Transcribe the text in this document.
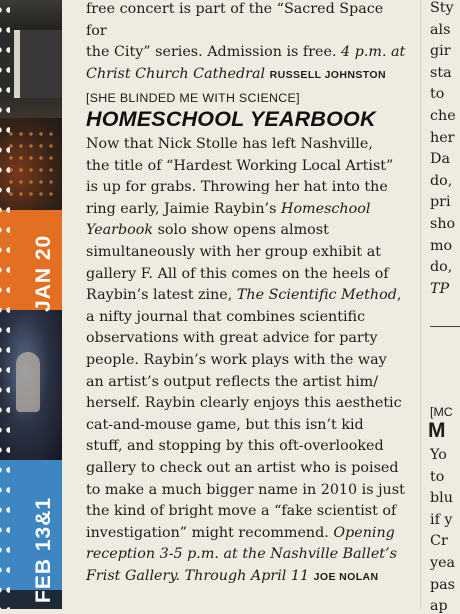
JAN 20
FEB 13&1
free concert is part of the “Sacred Space for
the City” series. Admission is free. 4 p.m. at
Christ Church Cathedral RUSSELL JOHNSTON
[SHE BLINDED ME WITH SCIENCE]
HOMESCHOOL YEARBOOK
Now that Nick Stolle has left Nashville,
the title of “Hardest Working Local Artist”
is up for grabs. Throwing her hat into the
ring early, Jaimie Raybin’s Homeschool
Yearbook solo show opens almost
simultaneously with her group exhibit at
gallery F. All of this comes on the heels of
Raybin’s latest zine, The Scientific Method,
a nifty journal that combines scientific
observations with great advice for party
people. Raybin’s work plays with the way
an artist’s output reflects the artist him/
herself. Raybin clearly enjoys this aesthetic
cat-and-mouse game, but this isn’t kid
stuff, and stopping by this oft-overlooked
gallery to check out an artist who is poised
to make a much bigger name in 2010 is just
the kind of bright move a “fake scientist of
investigation” might recommend. Opening
reception 3-5 p.m. at the Nashville Ballet’s
Frist Gallery. Through April 11 JOE NOLAN
[MC
M
Sty
als
gir
sta
to
che
her
Da
do,
pri
sho
mo
do,
TP
Yo
to
blu
if y
Cr
yea
pas
ap
